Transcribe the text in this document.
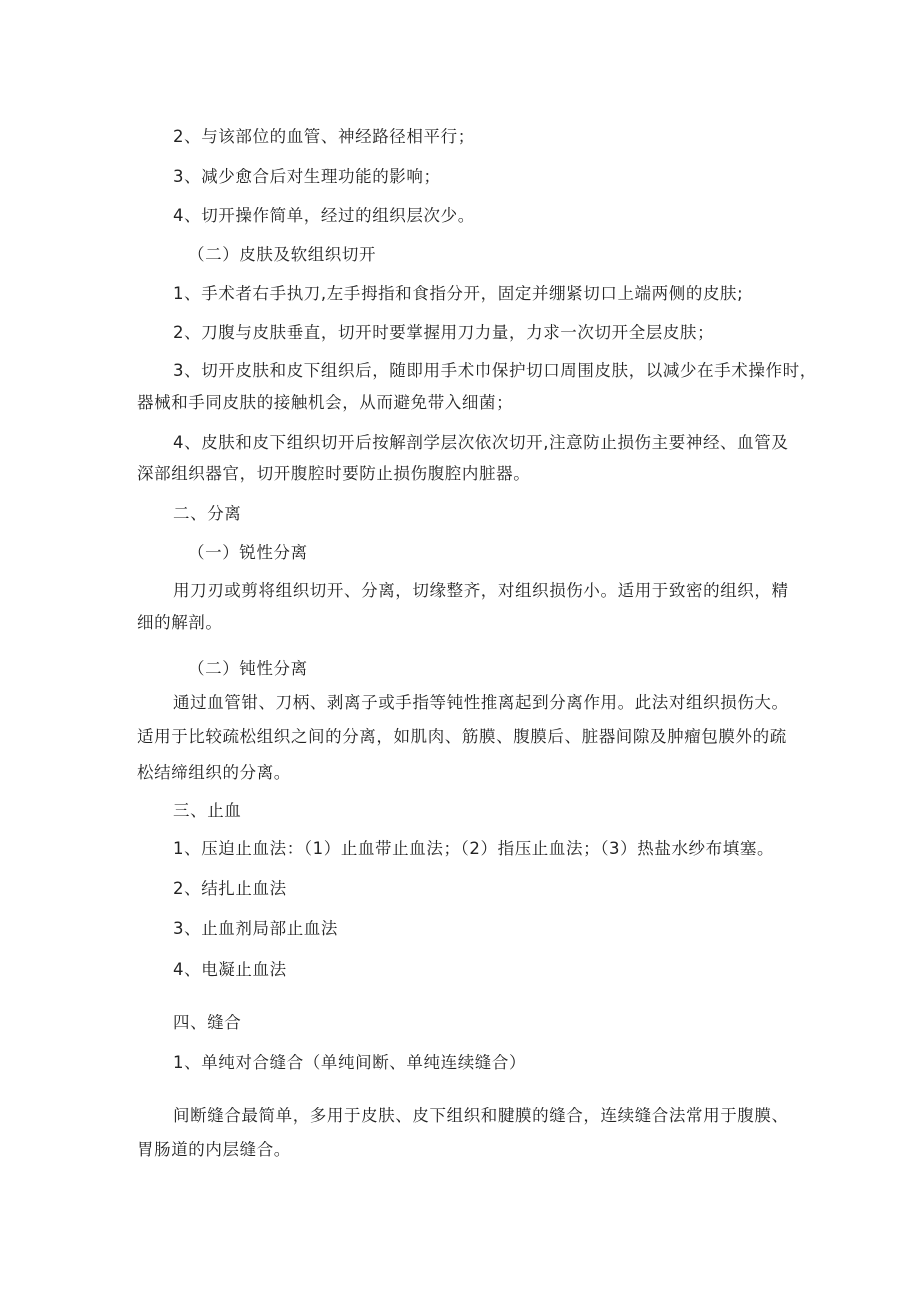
2、与该部位的血管、神经路径相平行；
3、减少愈合后对生理功能的影响；
4、切开操作简单，经过的组织层次少。
（二）皮肤及软组织切开
1、手术者右手执刀,左手拇指和食指分开，固定并绷紧切口上端两侧的皮肤;
2、刀腹与皮肤垂直，切开时要掌握用刀力量，力求一次切开全层皮肤；
3、切开皮肤和皮下组织后，随即用手术巾保护切口周围皮肤，以减少在手术操作时，
器械和手同皮肤的接触机会，从而避免带入细菌；
4、皮肤和皮下组织切开后按解剖学层次依次切开,注意防止损伤主要神经、血管及
深部组织器官，切开腹腔时要防止损伤腹腔内脏器。
二、分离
（一）锐性分离
用刀刃或剪将组织切开、分离，切缘整齐，对组织损伤小。适用于致密的组织，精
细的解剖。
（二）钝性分离
通过血管钳、刀柄、剥离子或手指等钝性推离起到分离作用。此法对组织损伤大。
适用于比较疏松组织之间的分离，如肌肉、筋膜、腹膜后、脏器间隙及肿瘤包膜外的疏
松结缔组织的分离。
三、止血
1、压迫止血法：（1）止血带止血法；（2）指压止血法；（3）热盐水纱布填塞。
2、结扎止血法
3、止血剂局部止血法
4、电凝止血法
四、缝合
1、单纯对合缝合（单纯间断、单纯连续缝合）
间断缝合最简单，多用于皮肤、皮下组织和腱膜的缝合，连续缝合法常用于腹膜、
胃肠道的内层缝合。
